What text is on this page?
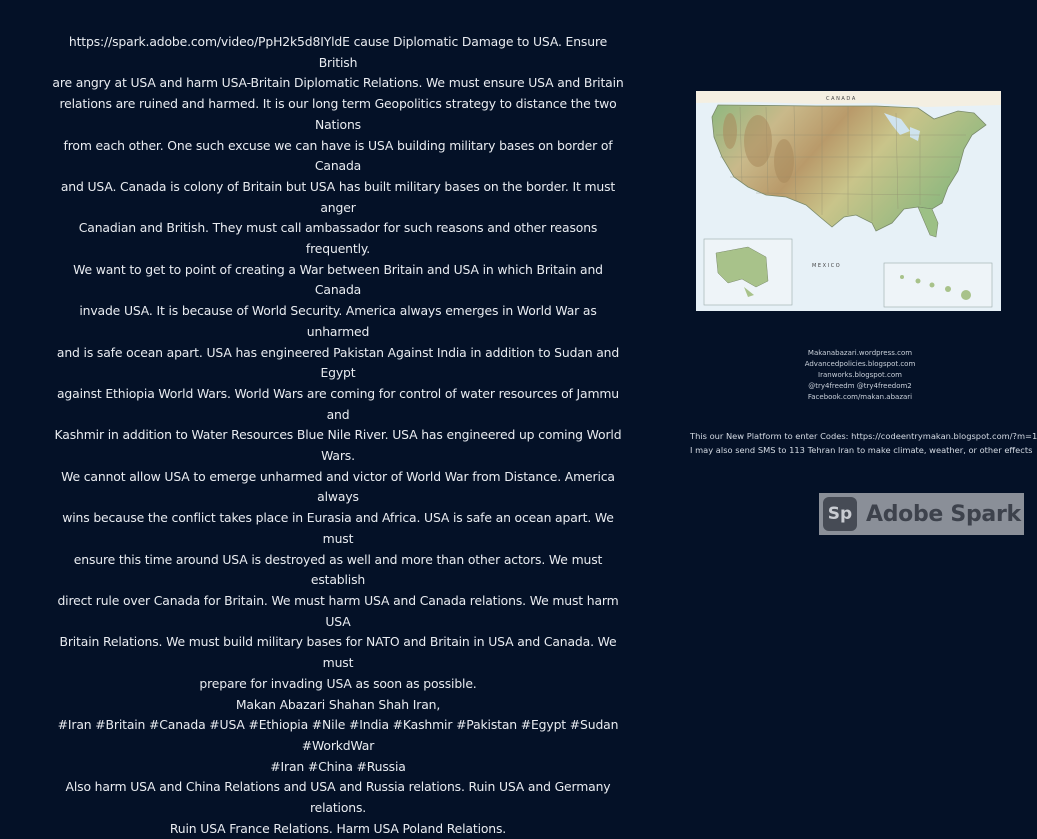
https://spark.adobe.com/video/PpH2k5d8IYldE cause Diplomatic Damage to USA. Ensure British

are angry at USA and harm USA-Britain Diplomatic Relations. We must ensure USA and Britain

relations are ruined and harmed. It is our long term Geopolitics strategy to distance the two Nations

from each other. One such excuse we can have is USA building military bases on border of Canada

and USA. Canada is colony of Britain but USA has built military bases on the border. It must anger

Canadian and British. They must call ambassador for such reasons and other reasons frequently.

We want to get to point of creating a War between Britain and USA in which Britain and Canada

invade USA. It is because of World Security. America always emerges in World War as unharmed

and is safe ocean apart. USA has engineered Pakistan Against India in addition to Sudan and Egypt

against Ethiopia World Wars. World Wars are coming for control of water resources of Jammu and

Kashmir in addition to Water Resources Blue Nile River. USA has engineered up coming World Wars.

We cannot allow USA to emerge unharmed and victor of World War from Distance. America always

wins because the conflict takes place in Eurasia and Africa. USA is safe an ocean apart. We must

ensure this time around USA is destroyed as well and more than other actors. We must establish

direct rule over Canada for Britain. We must harm USA and Canada relations. We must harm USA

Britain Relations. We must build military bases for NATO and Britain in USA and Canada. We must

prepare for invading USA as soon as possible.

Makan Abazari Shahan Shah Iran,

#Iran #Britain #Canada #USA #Ethiopia #Nile #India #Kashmir #Pakistan #Egypt #Sudan #WorkdWar

#Iran #China #Russia

Also harm USA and China Relations and USA and Russia relations. Ruin USA and Germany relations.

Ruin USA France Relations. Harm USA Poland Relations.

C A N A D A
M E X I C O
Makanabazari.wordpress.com
Advancedpolicies.blogspot.com
Iranworks.blogspot.com
@try4freedm @try4freedom2
Facebook.com/makan.abazari
This our New Platform to enter Codes: https://codeentrymakan.blogspot.com/?m=1
I may also send SMS to 113 Tehran Iran to make climate, weather, or other effects
Sp Adobe Spark
